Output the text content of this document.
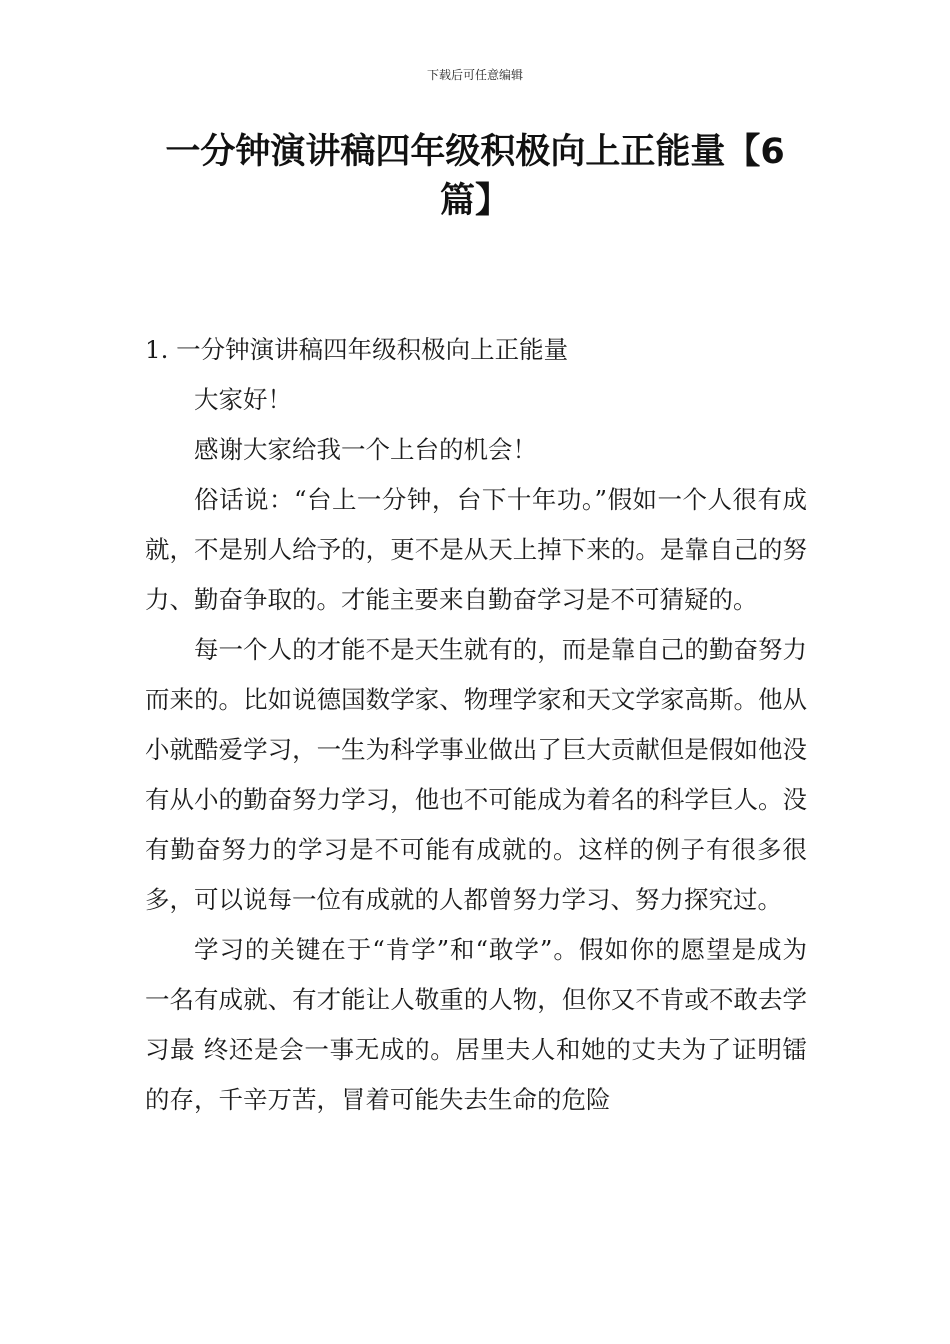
下载后可任意编辑
一分钟演讲稿四年级积极向上正能量【6篇】

1. 一分钟演讲稿四年级积极向上正能量

大家好！

感谢大家给我一个上台的机会！

俗话说：“台上一分钟，台下十年功。”假如一个人很有成就，不是别人给予的，更不是从天上掉下来的。是靠自己的努力、勤奋争取的。才能主要来自勤奋学习是不可猜疑的。

每一个人的才能不是天生就有的，而是靠自己的勤奋努力而来的。比如说德国数学家、物理学家和天文学家高斯。他从小就酷爱学习，一生为科学事业做出了巨大贡献但是假如他没有从小的勤奋努力学习，他也不可能成为着名的科学巨人。没有勤奋努力的学习是不可能有成就的。这样的例子有很多很多，可以说每一位有成就的人都曾努力学习、努力探究过。

学习的关键在于“肯学”和“敢学”。假如你的愿望是成为一名有成就、有才能让人敬重的人物，但你又不肯或不敢去学习最 终还是会一事无成的。居里夫人和她的丈夫为了证明镭的存，千辛万苦，冒着可能失去生命的危险
